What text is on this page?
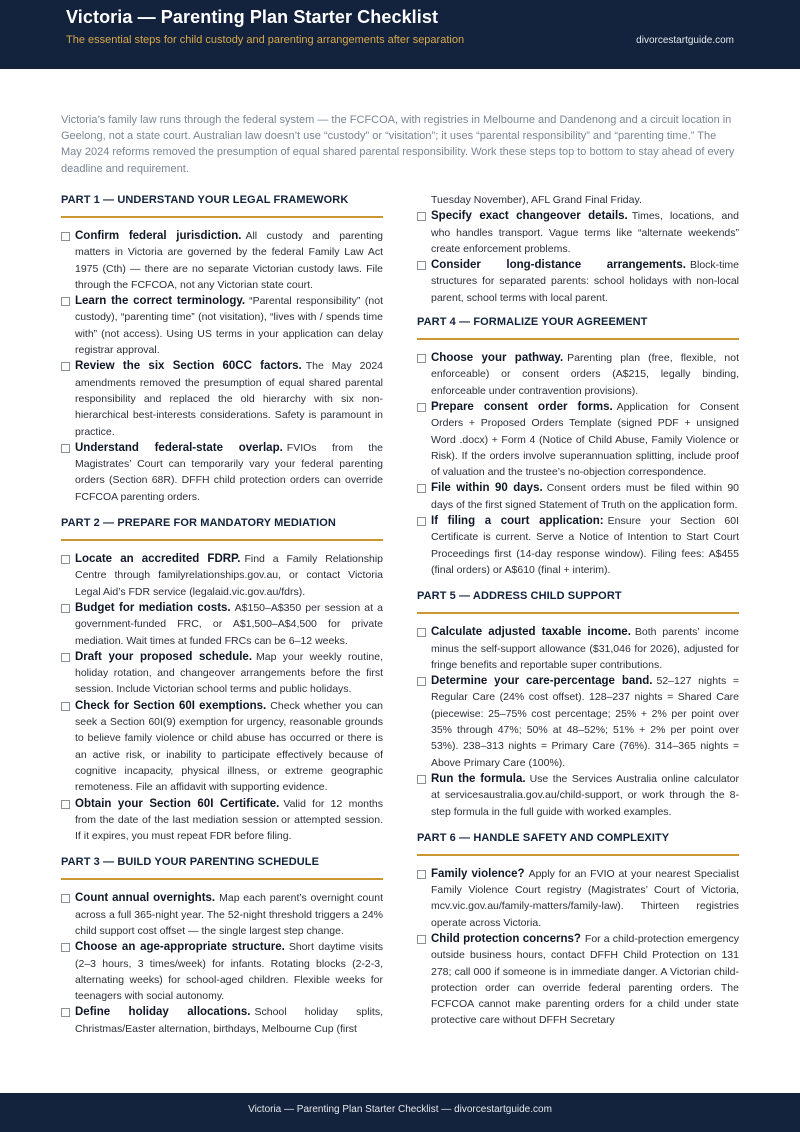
Victoria — Parenting Plan Starter Checklist
The essential steps for child custody and parenting arrangements after separation	divorcestartguide.com
Victoria’s family law runs through the federal system — the FCFCOA, with registries in Melbourne and Dandenong and a circuit location in Geelong, not a state court. Australian law doesn’t use “custody” or “visitation”; it uses “parental responsibility” and “parenting time.” The May 2024 reforms removed the presumption of equal shared parental responsibility. Work these steps top to bottom to stay ahead of every deadline and requirement.
PART 1 — UNDERSTAND YOUR LEGAL FRAMEWORK
Confirm federal jurisdiction. All custody and parenting matters in Victoria are governed by the federal Family Law Act 1975 (Cth) — there are no separate Victorian custody laws. File through the FCFCOA, not any Victorian state court.
Learn the correct terminology. “Parental responsibility” (not custody), “parenting time” (not visitation), “lives with / spends time with” (not access). Using US terms in your application can delay registrar approval.
Review the six Section 60CC factors. The May 2024 amendments removed the presumption of equal shared parental responsibility and replaced the old hierarchy with six non-hierarchical best-interests considerations. Safety is paramount in practice.
Understand federal-state overlap. FVIOs from the Magistrates’ Court can temporarily vary your federal parenting orders (Section 68R). DFFH child protection orders can override FCFCOA parenting orders.
PART 2 — PREPARE FOR MANDATORY MEDIATION
Locate an accredited FDRP. Find a Family Relationship Centre through familyrelationships.gov.au, or contact Victoria Legal Aid’s FDR service (legalaid.vic.gov.au/fdrs).
Budget for mediation costs. A$150–A$350 per session at a government-funded FRC, or A$1,500–A$4,500 for private mediation. Wait times at funded FRCs can be 6–12 weeks.
Draft your proposed schedule. Map your weekly routine, holiday rotation, and changeover arrangements before the first session. Include Victorian school terms and public holidays.
Check for Section 60I exemptions. Check whether you can seek a Section 60I(9) exemption for urgency, reasonable grounds to believe family violence or child abuse has occurred or there is an active risk, or inability to participate effectively because of cognitive incapacity, physical illness, or extreme geographic remoteness. File an affidavit with supporting evidence.
Obtain your Section 60I Certificate. Valid for 12 months from the date of the last mediation session or attempted session. If it expires, you must repeat FDR before filing.
PART 3 — BUILD YOUR PARENTING SCHEDULE
Count annual overnights. Map each parent’s overnight count across a full 365-night year. The 52-night threshold triggers a 24% child support cost offset — the single largest step change.
Choose an age-appropriate structure. Short daytime visits (2–3 hours, 3 times/week) for infants. Rotating blocks (2-2-3, alternating weeks) for school-aged children. Flexible weeks for teenagers with social autonomy.
Define holiday allocations. School holiday splits, Christmas/Easter alternation, birthdays, Melbourne Cup (first
Tuesday November), AFL Grand Final Friday.
Specify exact changeover details. Times, locations, and who handles transport. Vague terms like “alternate weekends” create enforcement problems.
Consider long-distance arrangements. Block-time structures for separated parents: school holidays with non-local parent, school terms with local parent.
PART 4 — FORMALIZE YOUR AGREEMENT
Choose your pathway. Parenting plan (free, flexible, not enforceable) or consent orders (A$215, legally binding, enforceable under contravention provisions).
Prepare consent order forms. Application for Consent Orders + Proposed Orders Template (signed PDF + unsigned Word .docx) + Form 4 (Notice of Child Abuse, Family Violence or Risk). If the orders involve superannuation splitting, include proof of valuation and the trustee’s no-objection correspondence.
File within 90 days. Consent orders must be filed within 90 days of the first signed Statement of Truth on the application form.
If filing a court application: Ensure your Section 60I Certificate is current. Serve a Notice of Intention to Start Court Proceedings first (14-day response window). Filing fees: A$455 (final orders) or A$610 (final + interim).
PART 5 — ADDRESS CHILD SUPPORT
Calculate adjusted taxable income. Both parents’ income minus the self-support allowance ($31,046 for 2026), adjusted for fringe benefits and reportable super contributions.
Determine your care-percentage band. 52–127 nights = Regular Care (24% cost offset). 128–237 nights = Shared Care (piecewise: 25–75% cost percentage; 25% + 2% per point over 35% through 47%; 50% at 48–52%; 51% + 2% per point over 53%). 238–313 nights = Primary Care (76%). 314–365 nights = Above Primary Care (100%).
Run the formula. Use the Services Australia online calculator at servicesaustralia.gov.au/child-support, or work through the 8-step formula in the full guide with worked examples.
PART 6 — HANDLE SAFETY AND COMPLEXITY
Family violence? Apply for an FVIO at your nearest Specialist Family Violence Court registry (Magistrates’ Court of Victoria, mcv.vic.gov.au/family-matters/family-law). Thirteen registries operate across Victoria.
Child protection concerns? For a child-protection emergency outside business hours, contact DFFH Child Protection on 131 278; call 000 if someone is in immediate danger. A Victorian child-protection order can override federal parenting orders. The FCFCOA cannot make parenting orders for a child under state protective care without DFFH Secretary
Victoria — Parenting Plan Starter Checklist — divorcestartguide.com
